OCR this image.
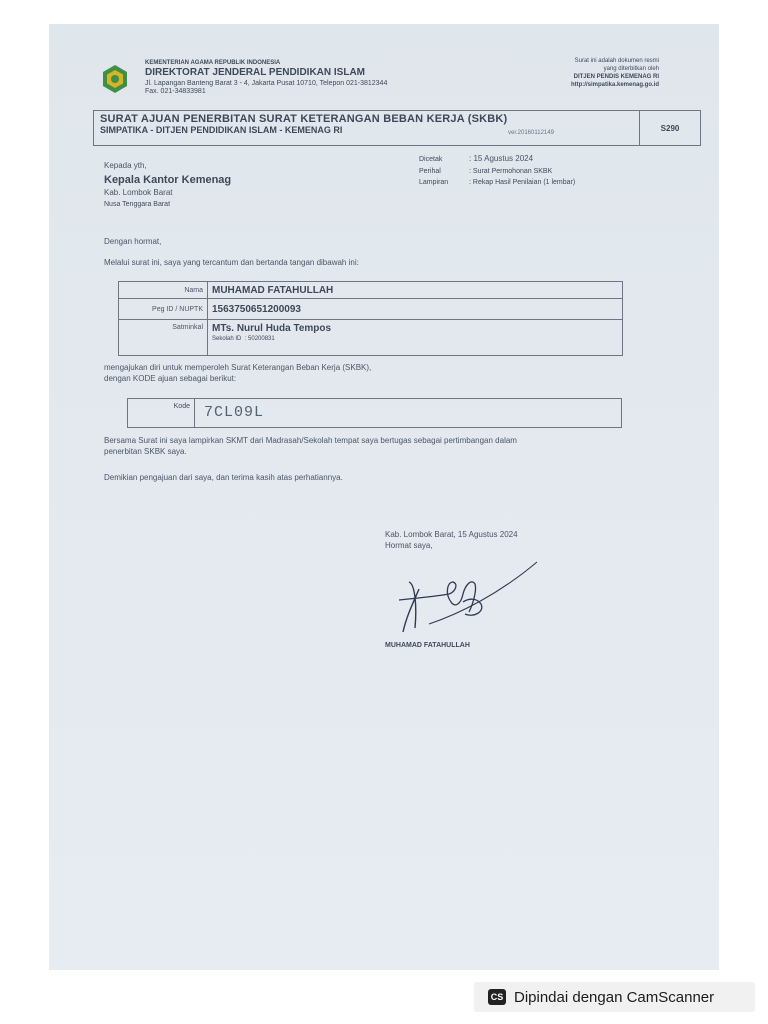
KEMENTERIAN AGAMA REPUBLIK INDONESIA
DIREKTORAT JENDERAL PENDIDIKAN ISLAM
Jl. Lapangan Banteng Barat 3 - 4, Jakarta Pusat 10710, Telepon 021-3812344
Fax. 021-34833981
Surat ini adalah dokumen resmi
yang diterbitkan oleh
DITJEN PENDIS KEMENAG RI
http://simpatika.kemenag.go.id
SURAT AJUAN PENERBITAN SURAT KETERANGAN BEBAN KERJA (SKBK)
SIMPATIKA - DITJEN PENDIDIKAN ISLAM - KEMENAG RI	ver.20160112149
S290
Kepada yth,
Kepala Kantor Kemenag
Kab. Lombok Barat
Nusa Tenggara Barat
Dicetak	: 15 Agustus 2024
Perihal	: Surat Permohonan SKBK
Lampiran	: Rekap Hasil Penilaian (1 lembar)
Dengan hormat,
Melalui surat ini, saya yang tercantum dan bertanda tangan dibawah ini:
Nama	MUHAMAD FATAHULLAH
Peg ID / NUPTK	1563750651200093
Satminkal	MTs. Nurul Huda Tempos
Sekolah ID : 50200831
mengajukan diri untuk memperoleh Surat Keterangan Beban Kerja (SKBK),
dengan KODE ajuan sebagai berikut:
Kode 7CL09L
Bersama Surat ini saya lampirkan SKMT dari Madrasah/Sekolah tempat saya bertugas sebagai pertimbangan dalam
penerbitan SKBK saya.
Demikian pengajuan dari saya, dan terima kasih atas perhatiannya.
Kab. Lombok Barat, 15 Agustus 2024
Hormat saya,
MUHAMAD FATAHULLAH
CS Dipindai dengan CamScanner
